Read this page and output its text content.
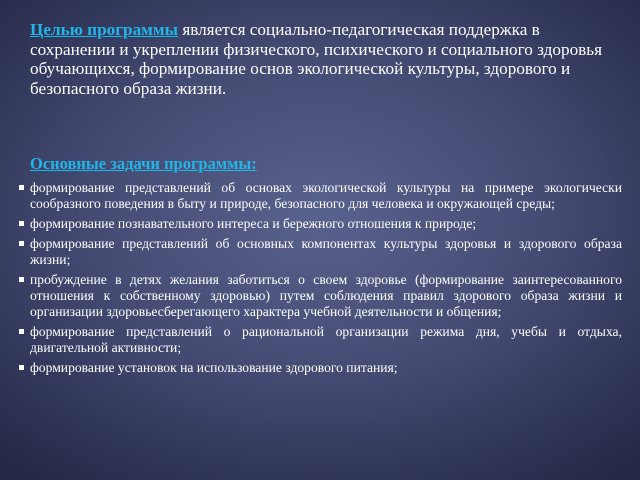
Целью программы является социально-педагогическая поддержка в сохранении и укреплении физического, психического и социального здоровья обучающихся, формирование основ экологической культуры, здорового и безопасного образа жизни.

Основные задачи программы:
формирование представлений об основах экологической культуры на примере экологически сообразного поведения в быту и природе, безопасного для человека и окружающей среды;
формирование познавательного интереса и бережного отношения к природе;
формирование представлений об основных компонентах культуры здоровья и здорового образа жизни;
пробуждение в детях желания заботиться о своем здоровье (формирование заинтересованного отношения к собственному здоровью) путем соблюдения правил здорового образа жизни и организации здоровьесберегающего характера учебной деятельности и общения;
формирование представлений о рациональной организации режима дня, учебы и отдыха, двигательной активности;
формирование установок на использование здорового питания;
